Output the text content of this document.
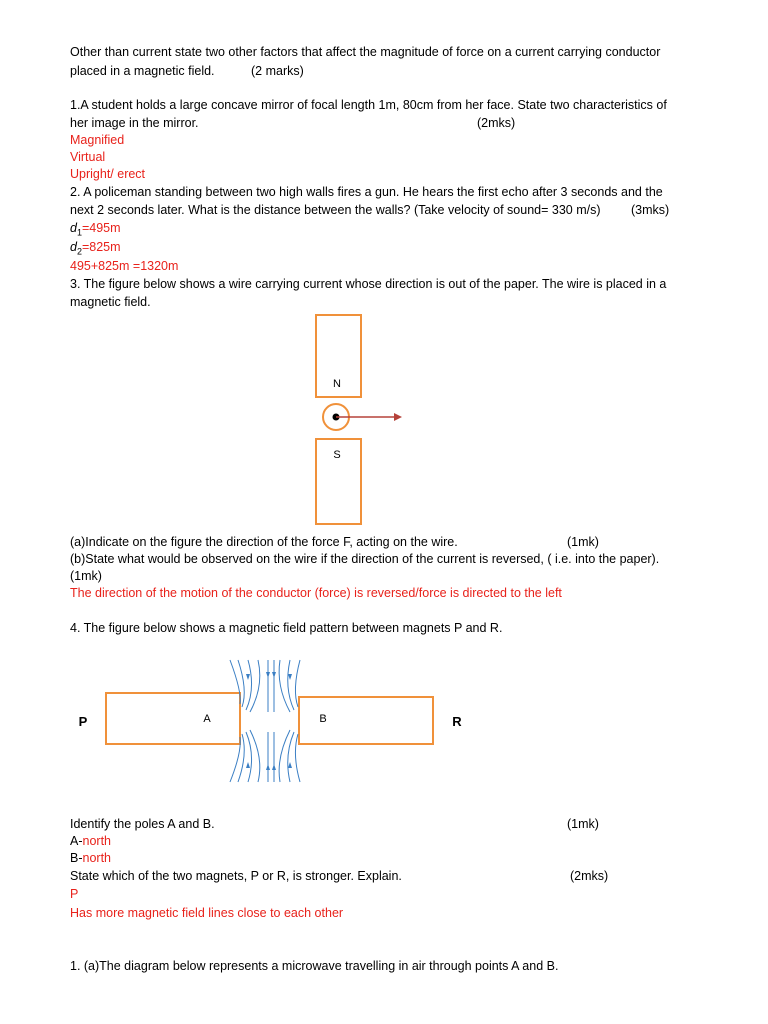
Other than current state two other factors that affect the magnitude of force on a current carrying conductor
placed in a magnetic field.	(2 marks)
1.A student holds a large concave mirror of focal length 1m, 80cm from her face. State two characteristics of
her image in the mirror.	(2mks)
Magnified
Virtual
Upright/ erect
2. A policeman standing between two high walls fires a gun. He hears the first echo after 3 seconds and the
next 2 seconds later. What is the distance between the walls? (Take velocity of sound= 330 m/s) (3mks)
$d_1=495m$
$d_2=825m$
495+825m =1320m
3. The figure below shows a wire carrying current whose direction is out of the paper. The wire is placed in a
magnetic field.
N
S
(a)Indicate on the figure the direction of the force F, acting on the wire.	(1mk)
(b)State what would be observed on the wire if the direction of the current is reversed, ( i.e. into the paper).
(1mk)
The direction of the motion of the conductor (force) is reversed/force is directed to the left
4. The figure below shows a magnetic field pattern between magnets P and R.
P	A	B	R
Identify the poles A and B.	(1mk)
A-north
B-north
State which of the two magnets, P or R, is stronger. Explain.	(2mks)
P
Has more magnetic field lines close to each other
1. (a)The diagram below represents a microwave travelling in air through points A and B.
